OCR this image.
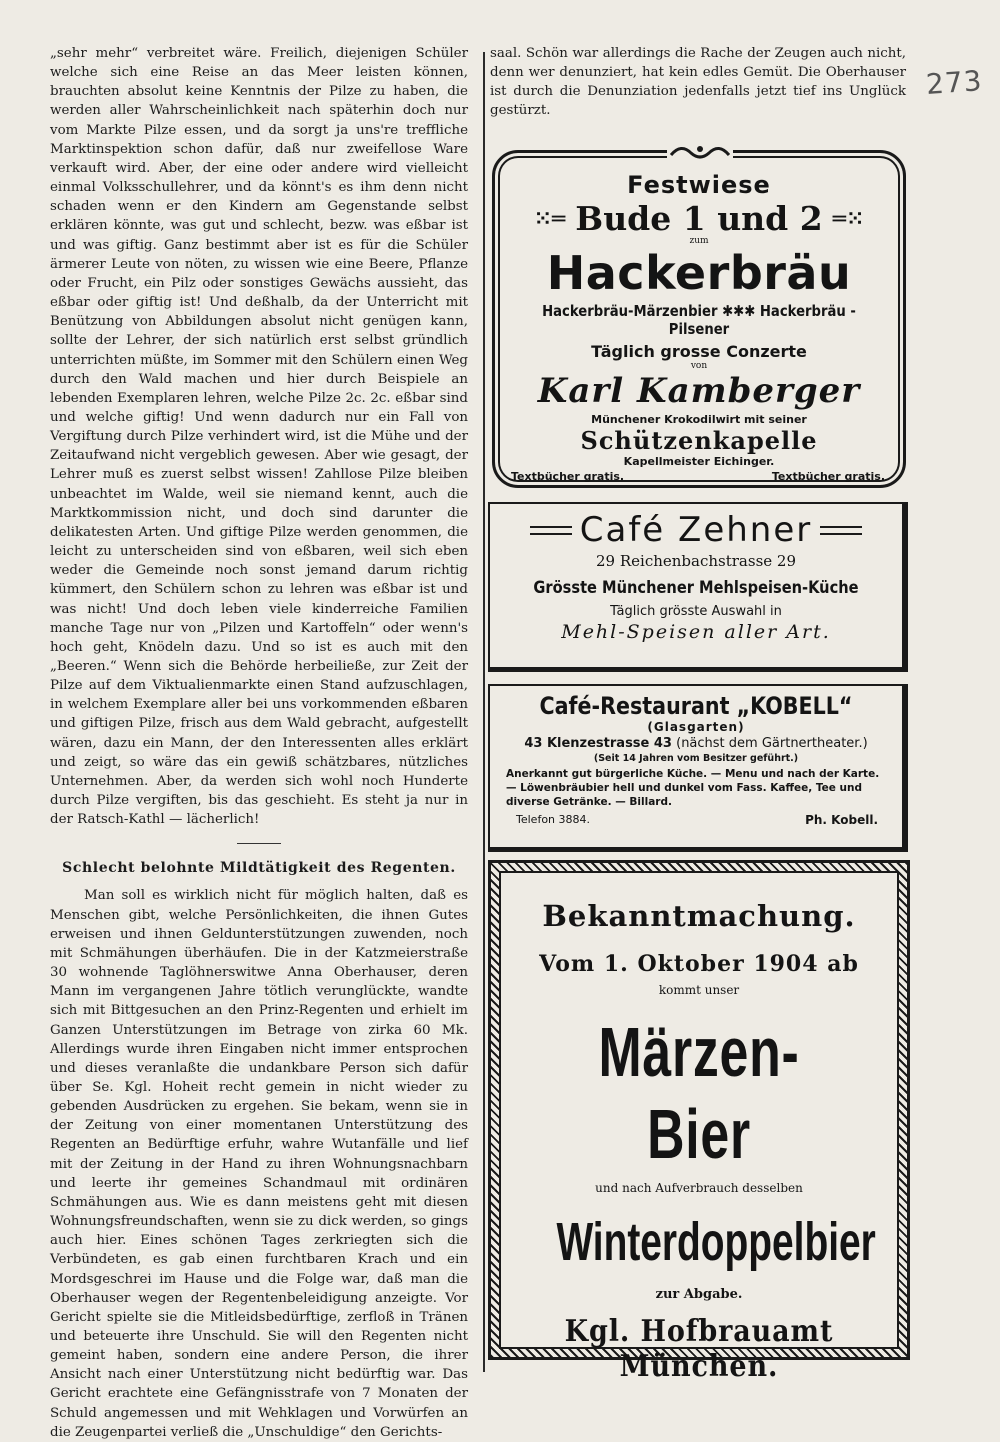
273

„sehr mehr“ verbreitet wäre. Freilich, diejenigen Schüler welche sich eine Reise an das Meer leisten können, brauchten absolut keine Kenntnis der Pilze zu haben, die werden aller Wahrscheinlichkeit nach späterhin doch nur vom Markte Pilze essen, und da sorgt ja uns're treffliche Marktinspektion schon dafür, daß nur zweifellose Ware verkauft wird. Aber, der eine oder andere wird vielleicht einmal Volksschullehrer, und da könnt's es ihm denn nicht schaden wenn er den Kindern am Gegenstande selbst erklären könnte, was gut und schlecht, bezw. was eßbar ist und was giftig. Ganz bestimmt aber ist es für die Schüler ärmerer Leute von nöten, zu wissen wie eine Beere, Pflanze oder Frucht, ein Pilz oder sonstiges Gewächs aussieht, das eßbar oder giftig ist! Und deßhalb, da der Unterricht mit Benützung von Abbildungen absolut nicht genügen kann, sollte der Lehrer, der sich natürlich erst selbst gründlich unterrichten müßte, im Sommer mit den Schülern einen Weg durch den Wald machen und hier durch Beispiele an lebenden Exemplaren lehren, welche Pilze 2c. 2c. eßbar sind und welche giftig! Und wenn dadurch nur ein Fall von Vergiftung durch Pilze verhindert wird, ist die Mühe und der Zeitaufwand nicht vergeblich gewesen. Aber wie gesagt, der Lehrer muß es zuerst selbst wissen! Zahllose Pilze bleiben unbeachtet im Walde, weil sie niemand kennt, auch die Marktkommission nicht, und doch sind darunter die delikatesten Arten. Und giftige Pilze werden genommen, die leicht zu unterscheiden sind von eßbaren, weil sich eben weder die Gemeinde noch sonst jemand darum richtig kümmert, den Schülern schon zu lehren was eßbar ist und was nicht! Und doch leben viele kinderreiche Familien manche Tage nur von „Pilzen und Kartoffeln“ oder wenn's hoch geht, Knödeln dazu. Und so ist es auch mit den „Beeren.“ Wenn sich die Behörde herbeiließe, zur Zeit der Pilze auf dem Viktualienmarkte einen Stand aufzuschlagen, in welchem Exemplare aller bei uns vorkommenden eßbaren und giftigen Pilze, frisch aus dem Wald gebracht, aufgestellt wären, dazu ein Mann, der den Interessenten alles erklärt und zeigt, so wäre das ein gewiß schätzbares, nützliches Unternehmen. Aber, da werden sich wohl noch Hunderte durch Pilze vergiften, bis das geschieht. Es steht ja nur in der Ratsch-Kathl — lächerlich!

Schlecht belohnte Mildtätigkeit des Regenten.

Man soll es wirklich nicht für möglich halten, daß es Menschen gibt, welche Persönlichkeiten, die ihnen Gutes erweisen und ihnen Geldunterstützungen zuwenden, noch mit Schmähungen überhäufen. Die in der Katzmeierstraße 30 wohnende Taglöhnerswitwe Anna Oberhauser, deren Mann im vergangenen Jahre tötlich verunglückte, wandte sich mit Bittgesuchen an den Prinz-Regenten und erhielt im Ganzen Unterstützungen im Betrage von zirka 60 Mk. Allerdings wurde ihren Eingaben nicht immer entsprochen und dieses veranlaßte die undankbare Person sich dafür über Se. Kgl. Hoheit recht gemein in nicht wieder zu gebenden Ausdrücken zu ergehen. Sie bekam, wenn sie in der Zeitung von einer momentanen Unterstützung des Regenten an Bedürftige erfuhr, wahre Wutanfälle und lief mit der Zeitung in der Hand zu ihren Wohnungsnachbarn und leerte ihr gemeines Schandmaul mit ordinären Schmähungen aus. Wie es dann meistens geht mit diesen Wohnungsfreundschaften, wenn sie zu dick werden, so gings auch hier. Eines schönen Tages zerkriegten sich die Verbündeten, es gab einen furchtbaren Krach und ein Mordsgeschrei im Hause und die Folge war, daß man die Oberhauser wegen der Regentenbeleidigung anzeigte. Vor Gericht spielte sie die Mitleidsbedürftige, zerfloß in Tränen und beteuerte ihre Unschuld. Sie will den Regenten nicht gemeint haben, sondern eine andere Person, die ihrer Ansicht nach einer Unterstützung nicht bedürftig war. Das Gericht erachtete eine Gefängnisstrafe von 7 Monaten der Schuld angemessen und mit Wehklagen und Vorwürfen an die Zeugenpartei verließ die „Unschuldige“ den Gerichts-

saal. Schön war allerdings die Rache der Zeugen auch nicht, denn wer denunziert, hat kein edles Gemüt. Die Oberhauser ist durch die Denunziation jedenfalls jetzt tief ins Unglück gestürzt.
Festwiese
⁙═ Bude 1 und 2 ═⁙
zum
Hackerbräu
Hackerbräu-Märzenbier ✱✱✱ Hackerbräu - Pilsener
Täglich grosse Conzerte
von
Karl Kamberger
Münchener Krokodilwirt mit seiner
Schützenkapelle
Kapellmeister Eichinger.
Textbücher gratis.	Textbücher gratis.
Café Zehner
29 Reichenbachstrasse 29
Grösste Münchener Mehlspeisen-Küche
Täglich grösste Auswahl in
Mehl-Speisen aller Art.
Café-Restaurant „KOBELL“
(Glasgarten)
43 Klenzestrasse 43 (nächst dem Gärtnertheater.)
(Seit 14 Jahren vom Besitzer geführt.)
Anerkannt gut bürgerliche Küche. — Menu und nach der Karte. — Löwenbräubier hell und dunkel vom Fass. Kaffee, Tee und diverse Getränke. — Billard.
Telefon 3884.	Ph. Kobell.
Bekanntmachung.
Vom 1. Oktober 1904 ab
kommt unser
Märzen-Bier
und nach Aufverbrauch desselben
Winterdoppelbier
zur Abgabe.
Kgl. Hofbrauamt München.
